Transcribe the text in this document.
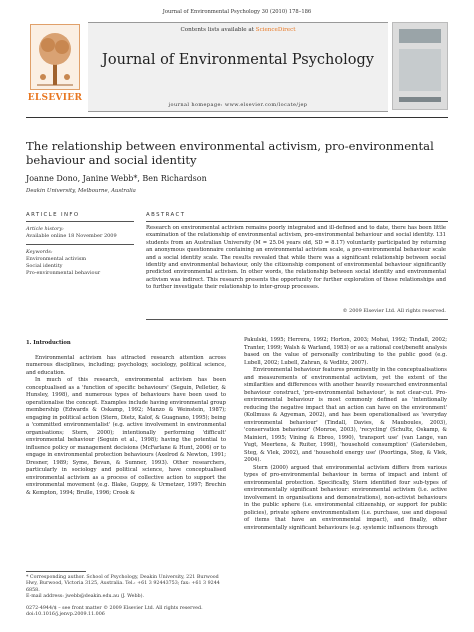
Journal of Environmental Psychology 30 (2010) 178–186
ELSEVIER
Contents lists available at ScienceDirect
Journal of Environmental Psychology
journal homepage: www.elsevier.com/locate/jep
The relationship between environmental activism, pro-environmental
behaviour and social identity
Joanne Dono, Janine Webb*, Ben Richardson
Deakin University, Melbourne, Australia
ARTICLE INFO
Article history:
Available online 18 November 2009
Keywords:
Environmental activism
Social identity
Pro-environmental behaviour
ABSTRACT
Research on environmental activism remains poorly integrated and ill-defined and to date, there has been little examination of the relationship of environmental activism, pro-environmental behaviour and social identity. 131 students from an Australian University (M = 25.04 years old, SD = 8.17) voluntarily participated by returning an anonymous questionnaire containing an environmental activism scale, a pro-environmental behaviour scale and a social identity scale. The results revealed that while there was a significant relationship between social identity and environmental behaviour, only the citizenship component of environmental behaviour significantly predicted environmental activism. In other words, the relationship between social identity and environmental activism was indirect. This research presents the opportunity for further exploration of these relationships and to further investigate their relationship to inter-group processes.
© 2009 Elsevier Ltd. All rights reserved.
1. Introduction

Environmental activism has attracted research attention across numerous disciplines, including; psychology, sociology, political science, and education.

In much of this research, environmental activism has been conceptualised as a 'function of specific behaviours' (Seguin, Pelletier, & Hunsley, 1998), and numerous types of behaviours have been used to operationalise the concept. Examples include having environmental group membership (Edwards & Oskamp, 1992; Manzo & Weinstein, 1987); engaging in political action (Stern, Dietz, Kalof, & Guagnano, 1995); being a 'committed environmentalist' (e.g. active involvement in environmental organisations; Stern, 2000); intentionally performing 'difficult' environmental behaviour (Seguin et al., 1998); having the potential to influence policy or management decisions (McFarlane & Hunt, 2006) or to engage in environmental protection behaviours (Axelrod & Newton, 1991; Dresner, 1989; Syme, Bevan, & Sumner, 1993). Other researchers, particularly in sociology and political science, have conceptualised environmental activism as a process of collective action to support the environmental movement (e.g. Blake, Guppy, & Urmetzer, 1997; Brechin & Kempton, 1994; Brulle, 1996; Crook &

Pakulski, 1995; Herrera, 1992; Horton, 2003; Mohai, 1992; Tindall, 2002; Tranter, 1999; Walsh & Warland, 1983) or as a rational cost/benefit analysis based on the value of personally contributing to the public good (e.g. Lubell, 2002; Lubell, Zahran, & Vedlitz, 2007).

Environmental behaviour features prominently in the conceptualisations and measurements of environmental activism, yet the extent of the similarities and differences with another heavily researched environmental behaviour construct, 'pro-environmental behaviour', is not clear-cut. Pro-environmental behaviour is most commonly defined as 'intentionally reducing the negative impact that an action can have on the environment' (Kollmuss & Agyeman, 2002), and has been operationalised as 'everyday environmental behaviour' (Tindall, Davies, & Mauboules, 2003), 'conservation behaviour' (Monroe, 2003), 'recycling' (Schultz, Oskamp, & Mainieri, 1995; Vining & Ebreo, 1990), 'transport use' (van Lange, van Vugt, Meertens, & Ruiter, 1998), 'household consumption' (Gatersleben, Steg, & Vlek, 2002), and 'household energy use' (Poortinga, Steg, & Vlek, 2004).

Stern (2000) argued that environmental activism differs from various types of pro-environmental behaviour in terms of impact and intent of environmental protection. Specifically, Stern identified four sub-types of environmentally significant behaviour: environmental activism (i.e. active involvement in organisations and demonstrations), non-activist behaviours in the public sphere (i.e. environmental citizenship, or support for public policies), private sphere environmentalism (i.e. purchase, use and disposal of items that have an environmental impact), and finally, other environmentally significant behaviours (e.g. systemic influences through

* Corresponding author. School of Psychology, Deakin University, 221 Burwood Hwy, Burwood, Victoria 3125, Australia. Tel.: +61 3 92443753; fax: +61 3 9244 6858.
E-mail address: jwebb@deakin.edu.au (J. Webb).
0272-4944/$ – see front matter © 2009 Elsevier Ltd. All rights reserved.
doi:10.1016/j.jenvp.2009.11.006
